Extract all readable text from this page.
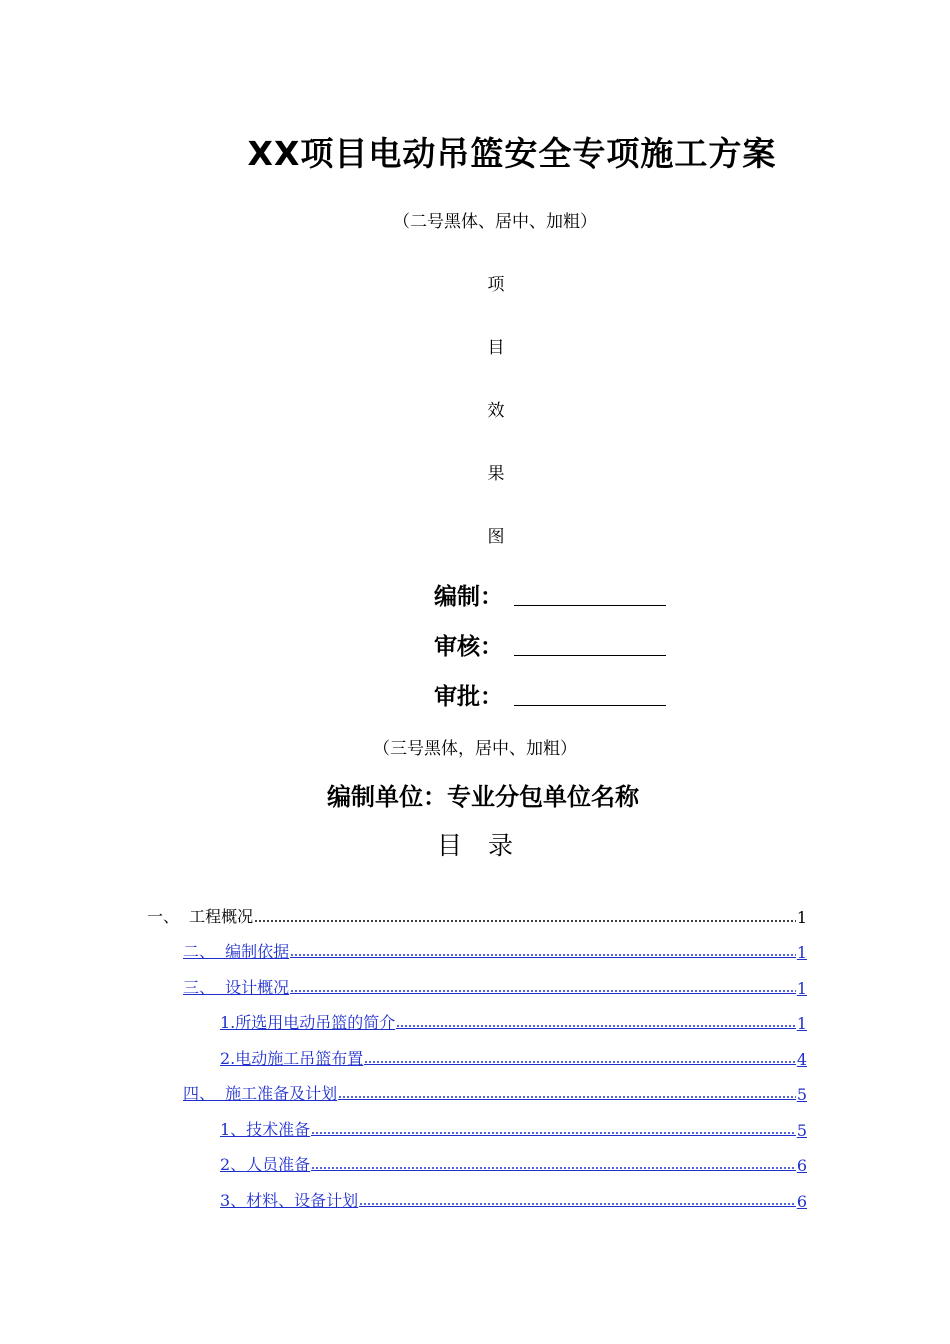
XX项目电动吊篮安全专项施工方案
（二号黑体、居中、加粗）
项
目
效
果
图
编制：
审核：
审批：
（三号黑体，居中、加粗）
编制单位：专业分包单位名称
目录
一、  工程概况	1
二、  编制依据	1
三、  设计概况	1
1.所选用电动吊篮的简介	1
2.电动施工吊篮布置	4
四、  施工准备及计划	5
1、技术准备	5
2、人员准备	6
3、材料、设备计划	6
